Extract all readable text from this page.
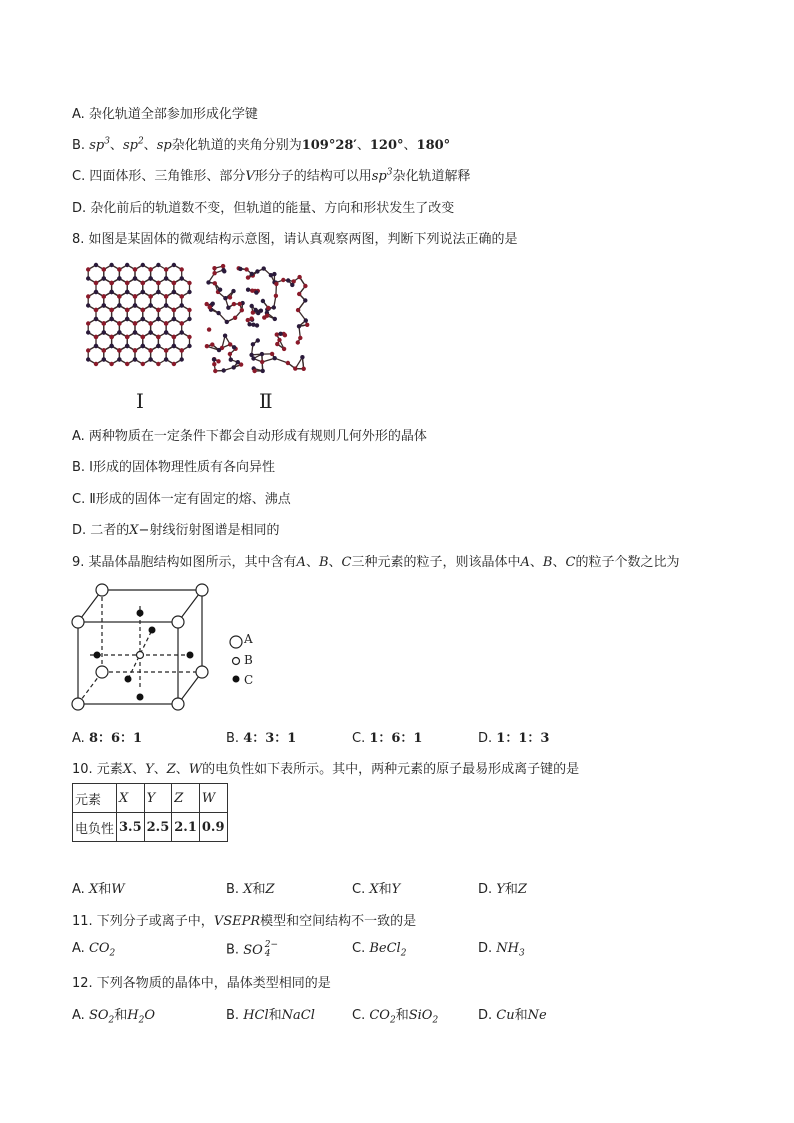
A. 杂化轨道全部参加形成化学键
B. $sp^3$、$sp^2$、sp杂化轨道的夹角分别为109°28′、120°、180°
C. 四面体形、三角锥形、部分V形分子的结构可以用$sp^3$杂化轨道解释
D. 杂化前后的轨道数不变，但轨道的能量、方向和形状发生了改变
8. 如图是某固体的微观结构示意图，请认真观察两图，判断下列说法正确的是
Ⅰ	Ⅱ
A. 两种物质在一定条件下都会自动形成有规则几何外形的晶体
B. Ⅰ形成的固体物理性质有各向异性
C. Ⅱ形成的固体一定有固定的熔、沸点
D. 二者的X−射线衍射图谱是相同的
9. 某晶体晶胞结构如图所示，其中含有A、B、C三种元素的粒子，则该晶体中A、B、C的粒子个数之比为
A
B
C
A. 8：6：1	B. 4：3：1	C. 1：6：1	D. 1：1：3
10. 元素X、Y、Z、W的电负性如下表所示。其中，两种元素的原子最易形成离子键的是
元素	X	Y	Z	W
电负性	3.5	2.5	2.1	0.9
A. X和W	B. X和Z	C. X和Y	D. Y和Z
11. 下列分子或离子中，VSEPR模型和空间结构不一致的是
A. $CO_2$	B. SO 2−
4	C. BeCl$_2$	D. $NH_3$
12. 下列各物质的晶体中，晶体类型相同的是
A. $SO_2$和$H_2O$	B. HCl和NaCl	C. $CO_2$和SiO$_2$	D. Cu和Ne
